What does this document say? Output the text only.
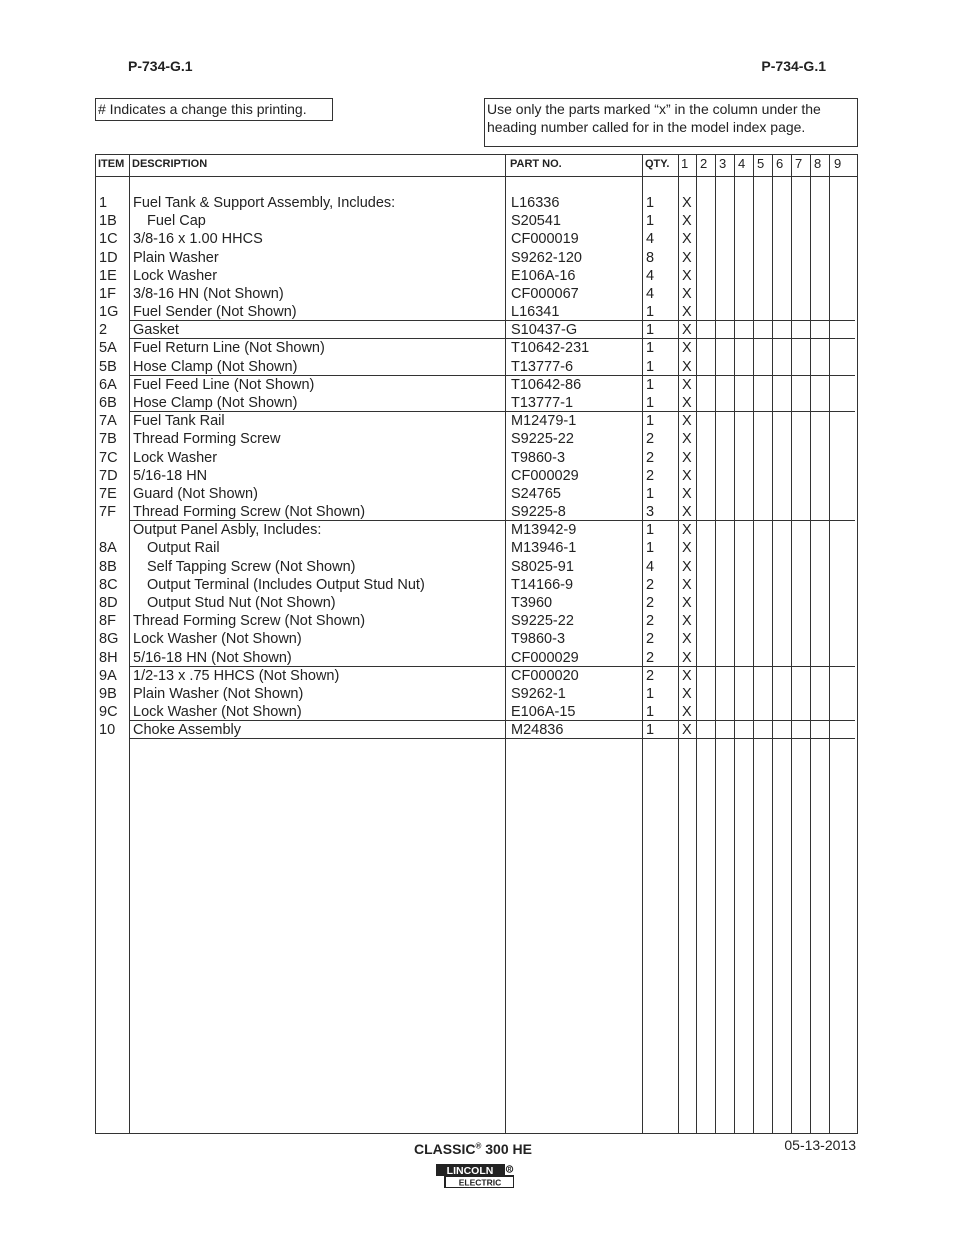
P-734-G.1	P-734-G.1
# Indicates a change this printing.	Use only the parts marked “x” in the column under the heading number called for in the model index page.
ITEM DESCRIPTION	PART NO.	QTY. 1 2 3 4 5 6 7 8 9
1 Fuel Tank & Support Assembly, Includes:	L16336	1 X
1B Fuel Cap	S20541	1 X
1C 3/8-16 x 1.00 HHCS	CF000019	4 X
1D Plain Washer	S9262-120	8 X
1E Lock Washer	E106A-16	4 X
1F 3/8-16 HN (Not Shown)	CF000067	4 X
1G Fuel Sender (Not Shown)	L16341	1 X
2 Gasket	S10437-G	1 X
5A Fuel Return Line (Not Shown)	T10642-231	1 X
5B Hose Clamp (Not Shown)	T13777-6	1 X
6A Fuel Feed Line (Not Shown)	T10642-86	1 X
6B Hose Clamp (Not Shown)	T13777-1	1 X
7A Fuel Tank Rail	M12479-1	1 X
7B Thread Forming Screw	S9225-22	2 X
7C Lock Washer	T9860-3	2 X
7D 5/16-18 HN	CF000029	2 X
7E Guard (Not Shown)	S24765	1 X
7F Thread Forming Screw (Not Shown)	S9225-8	3 X
Output Panel Asbly, Includes:	M13942-9	1 X
8A Output Rail	M13946-1	1 X
8B Self Tapping Screw (Not Shown)	S8025-91	4 X
8C Output Terminal (Includes Output Stud Nut)	T14166-9	2 X
8D Output Stud Nut (Not Shown)	T3960	2 X
8F Thread Forming Screw (Not Shown)	S9225-22	2 X
8G Lock Washer (Not Shown)	T9860-3	2 X
8H 5/16-18 HN (Not Shown)	CF000029	2 X
9A 1/2-13 x .75 HHCS (Not Shown)	CF000020	2 X
9B Plain Washer (Not Shown)	S9262-1	1 X
9C Lock Washer (Not Shown)	E106A-15	1 X
10 Choke Assembly	M24836	1 X
CLASSIC® 300 HE	05-13-2013
LINCOLN
ELECTRIC
R
